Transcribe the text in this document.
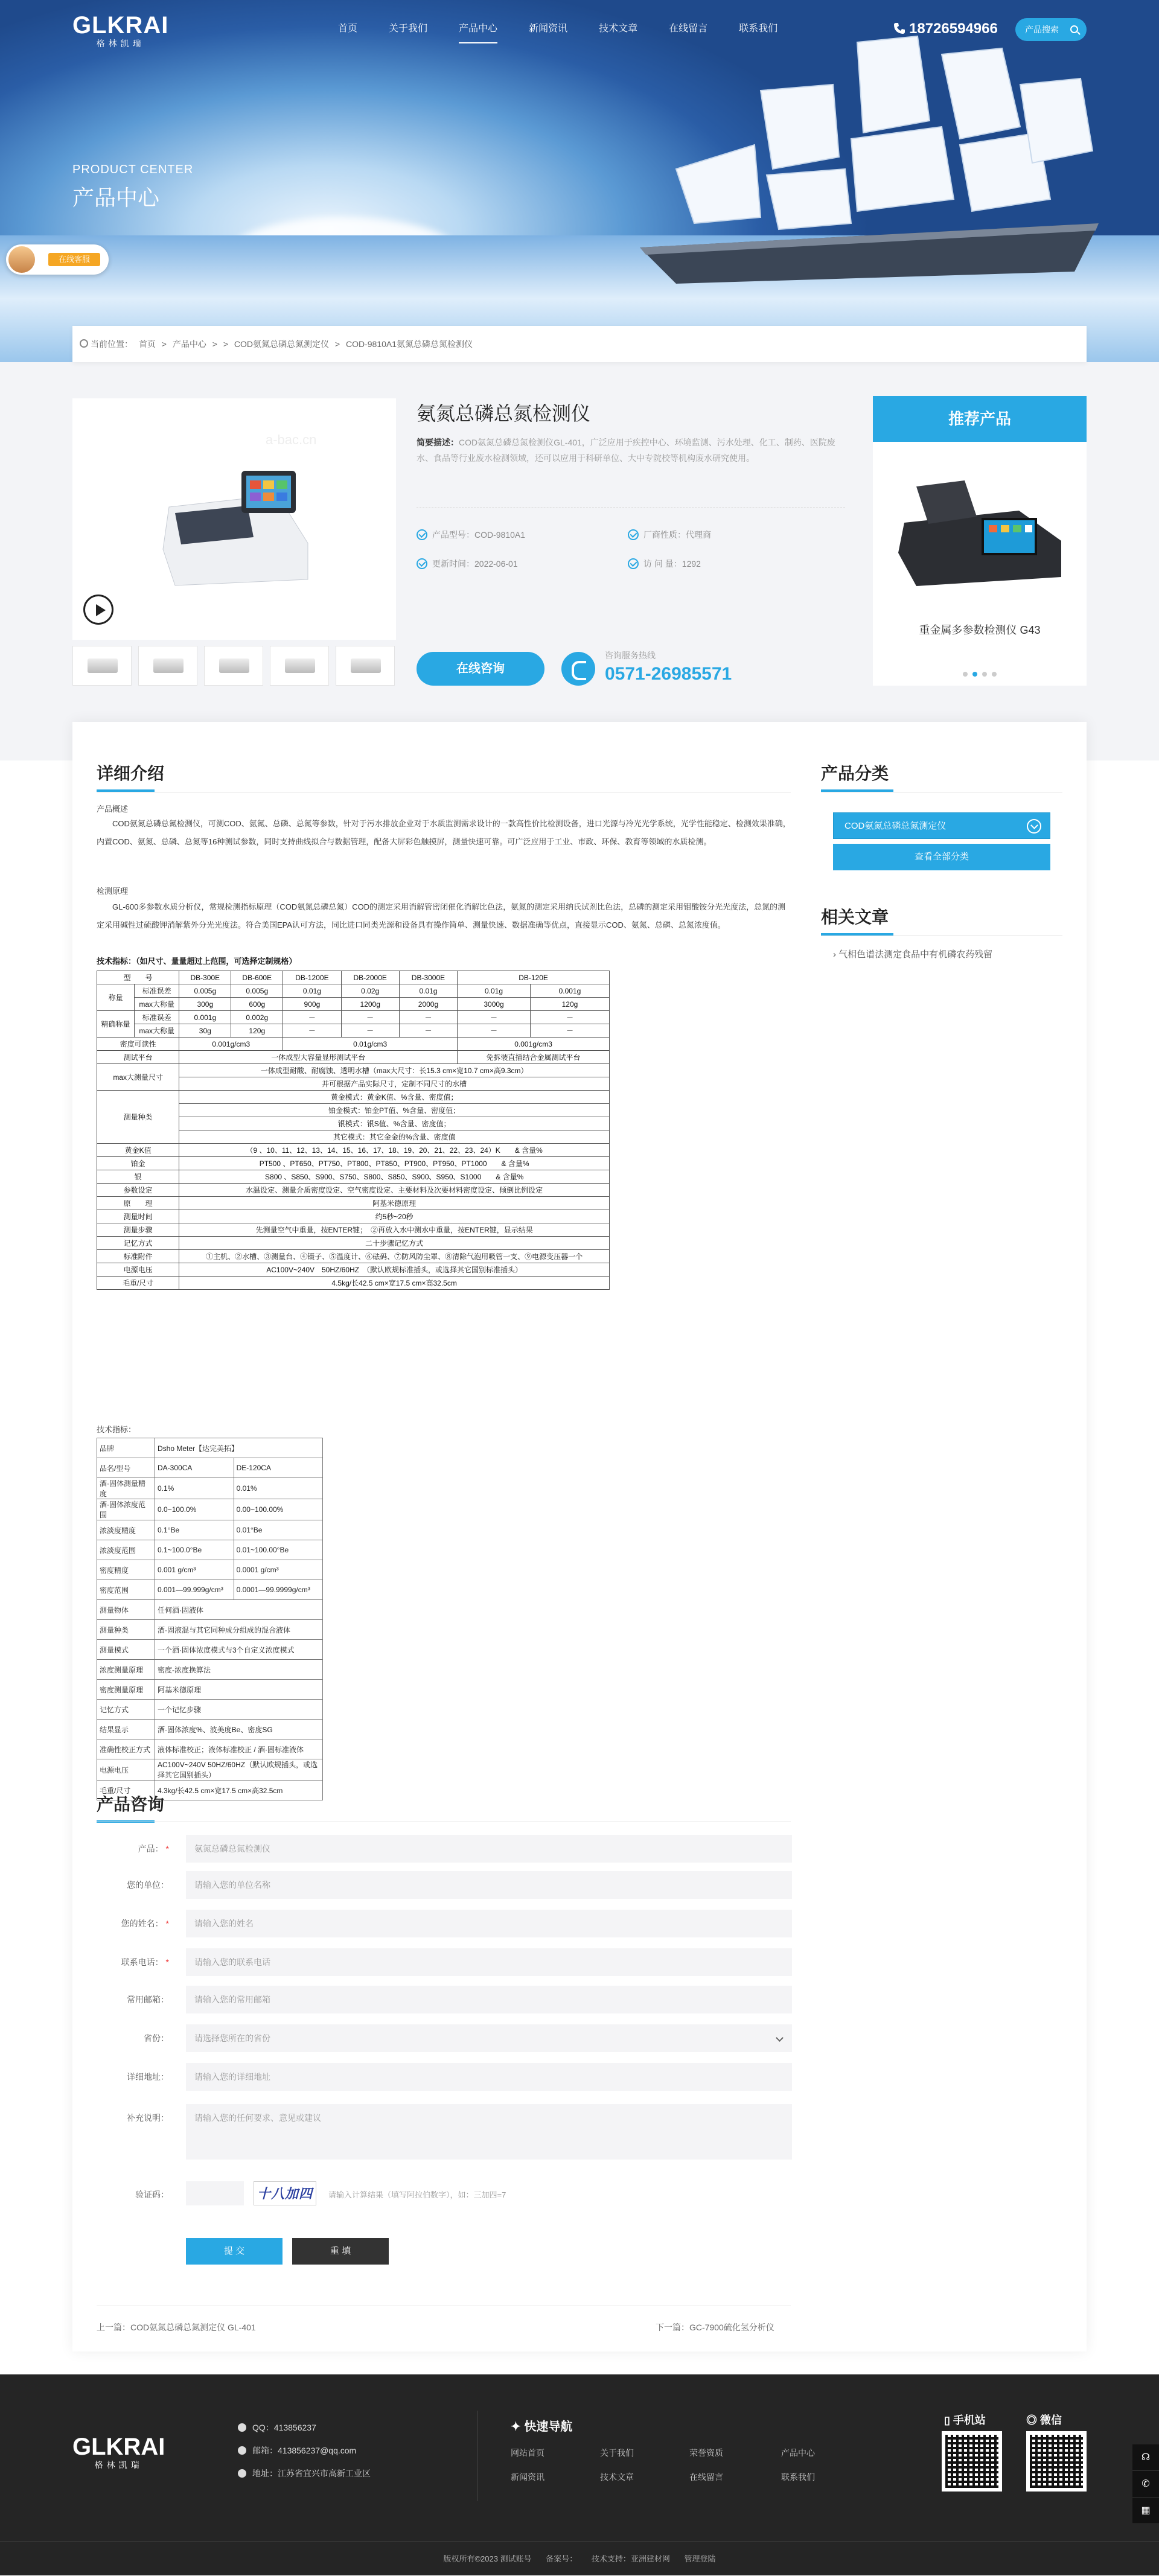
GLKRAI
格林凯瑞
首页	关于我们	产品中心	新闻资讯	技术文章	在线留言	联系我们	18726594966	产品搜索
PRODUCT CENTER
产品中心
在线客服
当前位置： 首页 > 产品中心 > > COD氨氮总磷总氮测定仪 > COD-9810A1氨氮总磷总氮检测仪
a-bac.cn
氨氮总磷总氮检测仪
简要描述：COD氨氮总磷总氮检测仪GL-401，广泛应用于疾控中心、环境监测、污水处理、化工、制药、医院废水、食品等行业废水检测领域，还可以应用于科研单位、大中专院校等机构废水研究使用。
产品型号：COD-9810A1	厂商性质：代理商
更新时间：2022-06-01	访 问 量：1292
在线咨询
咨询服务热线
0571-26985571
推荐产品
重金属多参数检测仪 G43
详细介绍
产品概述
COD氨氮总磷总氮检测仪，可测COD、氨氮、总磷、总氮等参数，针对于污水排放企业对于水质监测需求设计的一款高性价比检测设备，进口光源与冷光光学系统，光学性能稳定、检测效果准确，内置COD、氨氮、总磷、总氮等16种测试参数，同时支持曲线拟合与数据管理，配备大屏彩色触摸屏，测量快速可靠。可广泛应用于工业、市政、环保、教育等领域的水质检测。
检测原理
GL-600多参数水质分析仪，常规检测指标原理（COD氨氮总磷总氮）COD的测定采用消解管密闭催化消解比色法，氨氮的测定采用纳氏试剂比色法，总磷的测定采用钼酸铵分光光度法，总氮的测定采用碱性过硫酸钾消解紫外分光光度法。符合美国EPA认可方法，同比进口同类光源和设备具有操作简单、测量快速、数据准确等优点，直接显示COD、氨氮、总磷、总氮浓度值。
技术指标：（如尺寸、量量超过上范围，可选择定制规格）
型　　号		DB-300E	DB-600E	DB-1200E	DB-2000E	DB-3000E	DB-120E	
称量	标准误差	0.005g	0.005g	0.01g	0.02g	0.01g	0.01g	0.001g
	max大称量	300g	600g	900g	1200g	2000g	3000g	120g
精确称量	标准误差	0.001g	0.002g	－	－	－	－	－
	max大称量	30g	120g	－	－	－	－	－
密度可读性		0.001g/cm3		0.01g/cm3			0.001g/cm3	
测试平台		一体成型大容量显形测试平台					免拆装直插结合金属测试平台	
max大测量尺寸		一体成型耐酸、耐腐蚀、透明水槽（max大尺寸：长15.3 cm×宽10.7 cm×高9.3cm）						
		并可根据产品实际尺寸，定制不同尺寸的水槽						
测量种类		黄金模式：黄金K值、%含量、密度值；						
		铂金模式：铂金PT值、%含量、密度值；						
		银模式：银S值、%含量、密度值；						
		其它模式：其它金金的%含量、密度值						
黄金K值		（9 、10、11、12、13、14、15、16、17、18、19、20、21、22、23、24）K　　& 含量%						
铂金		PT500 、PT650、PT750、PT800、PT850、PT900、PT950、PT1000　　& 含量%						
银		S800 、S850、S900、S750、S800、S850、S900、S950、S1000　　& 含量%						
参数设定		水温设定、测量介质密度设定、空气密度设定、主要材料及次要材料密度设定、倾倒比例设定						
原　　理		阿基米德原理						
测量时间		约5秒~20秒						
测量步骤		先测量空气中重量，按ENTER键；　②再放入水中测水中重量，按ENTER键，显示结果						
记忆方式		二十步骤记忆方式						
标准附件		①主机、②水槽、③测量台、④镊子、⑤温度计、⑥砝码、⑦防风防尘罩、⑧清除气泡用吸管一支、⑨电源变压器一个						
电源电压		AC100V~240V　50HZ/60HZ　（默认欧规标准插头，或选择其它国别标准插头）						
毛重/尺寸		4.5kg/长42.5 cm×宽17.5 cm×高32.5cm						
技术指标：
品牌	Dsho Meter【达完美拓】	
品名/型号	DA-300CA	DE-120CA
酒·固体测量精度	0.1%	0.01%
酒·固体浓度范围	0.0~100.0%	0.00~100.00%
浓淡度精度	0.1°Be	0.01°Be
浓淡度范围	0.1~100.0°Be	0.01~100.00°Be
密度精度	0.001 g/cm³	0.0001 g/cm³
密度范围	0.001—99.999g/cm³	0.0001—99.9999g/cm³
测量物体	任何酒·固液体	
测量种类	酒·固液混与其它同种成分组成的混合液体	
测量模式	一个酒·固体浓度模式与3个自定义浓度模式	
浓度测量原理	密度-浓度换算法	
密度测量原理	阿基米德原理	
记忆方式	一个记忆步骤	
结果显示	酒·固体浓度%、波美度Be、密度SG	
准确性校正方式	液体标准校正；液体标准校正 / 酒·固标准液体	
电源电压	AC100V~240V 50HZ/60HZ（默认欧规插头，或选择其它国别插头）	
毛重/尺寸	4.3kg/长42.5 cm×宽17.5 cm×高32.5cm	
产品分类
COD氨氮总磷总氮测定仪
查看全部分类
相关文章
› 气相色谱法测定食品中有机磷农药残留
产品咨询
产品： *	氨氮总磷总氮检测仪
您的单位：	请输入您的单位名称
您的姓名： *	请输入您的姓名
联系电话： *	请输入您的联系电话
常用邮箱：	请输入您的常用邮箱
省份：	请选择您所在的省份
详细地址：	请输入您的详细地址
补充说明：	请输入您的任何要求、意见或建议
验证码：	十八加四	请输入计算结果（填写阿拉伯数字），如：三加四=7
提 交	重 填
上一篇：COD氨氮总磷总氮测定仪 GL-401	下一篇：GC-7900硫化氢分析仪
GLKRAI
格林凯瑞
QQ：413856237
邮箱：413856237@qq.com
地址：江苏省宜兴市高新工业区
✦ 快速导航
网站首页	关于我们	荣誉资质	产品中心
新闻资讯	技术文章	在线留言	联系我们
▯ 手机站	◎ 微信
版权所有©2023 测试账号 备案号： 技术支持：亚洲建材网 管理登陆
☊
✆
▦
